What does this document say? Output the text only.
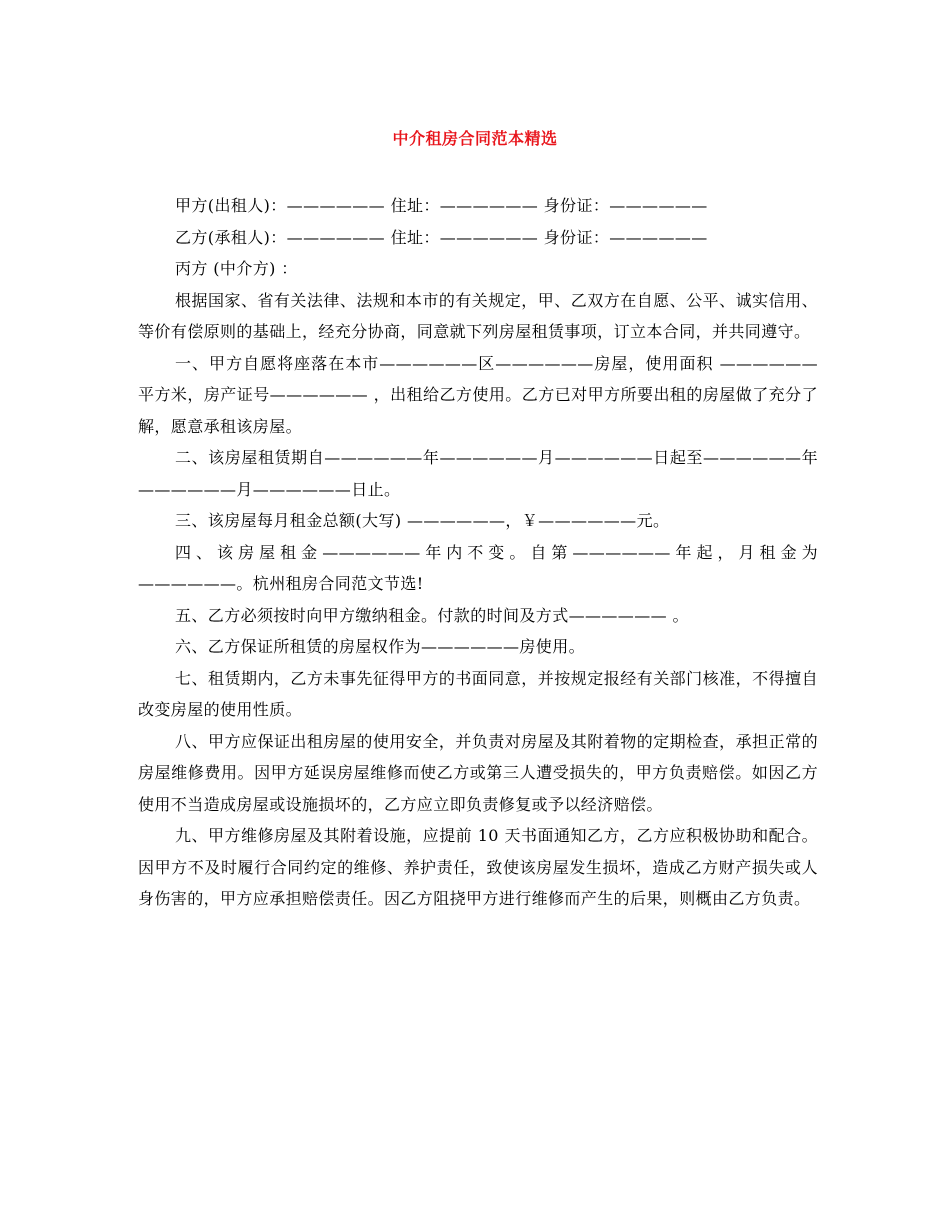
中介租房合同范本精选

甲方(出租人)：—————— 住址：—————— 身份证：——————

乙方(承租人)：—————— 住址：—————— 身份证：——————

丙方 (中介方) ：

根据国家、省有关法律、法规和本市的有关规定，甲、乙双方在自愿、公平、诚实信用、等价有偿原则的基础上，经充分协商，同意就下列房屋租赁事项，订立本合同，并共同遵守。

一、甲方自愿将座落在本市——————区——————房屋，使用面积 ——————平方米，房产证号—————— ，出租给乙方使用。乙方已对甲方所要出租的房屋做了充分了解，愿意承租该房屋。

二、该房屋租赁期自——————年——————月——————日起至——————年——————月——————日止。

三、该房屋每月租金总额(大写) ——————，￥——————元。

四、该房屋租金——————年内不变。自第——————年起，月租金为——————。杭州租房合同范文节选!

五、乙方必须按时向甲方缴纳租金。付款的时间及方式—————— 。

六、乙方保证所租赁的房屋权作为——————房使用。

七、租赁期内，乙方未事先征得甲方的书面同意，并按规定报经有关部门核准，不得擅自改变房屋的使用性质。

八、甲方应保证出租房屋的使用安全，并负责对房屋及其附着物的定期检查，承担正常的房屋维修费用。因甲方延误房屋维修而使乙方或第三人遭受损失的，甲方负责赔偿。如因乙方使用不当造成房屋或设施损坏的，乙方应立即负责修复或予以经济赔偿。

九、甲方维修房屋及其附着设施，应提前 10 天书面通知乙方，乙方应积极协助和配合。因甲方不及时履行合同约定的维修、养护责任，致使该房屋发生损坏，造成乙方财产损失或人身伤害的，甲方应承担赔偿责任。因乙方阻挠甲方进行维修而产生的后果，则概由乙方负责。
